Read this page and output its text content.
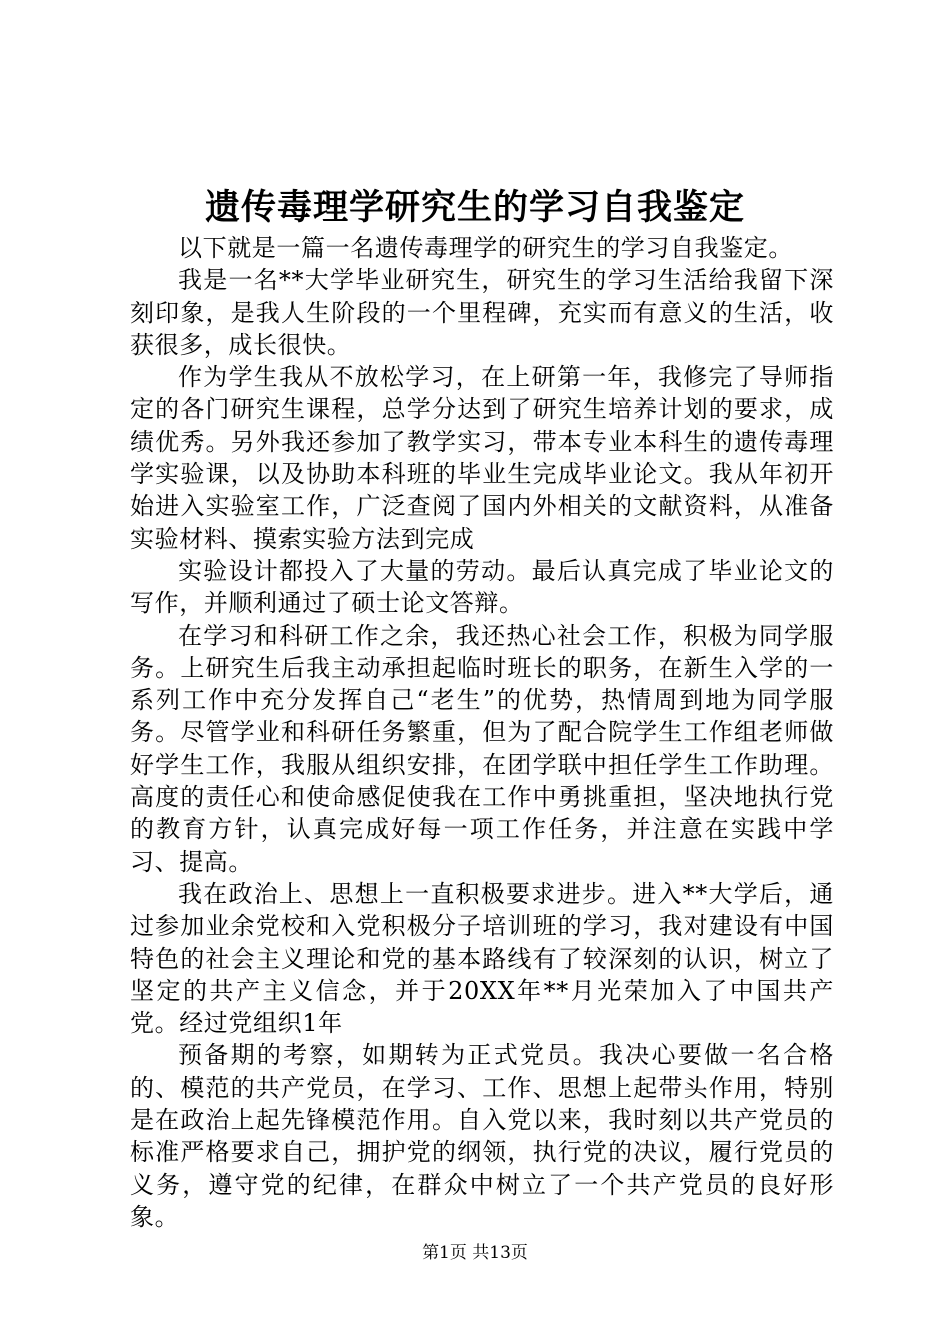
遗传毒理学研究生的学习自我鉴定

以下就是一篇一名遗传毒理学的研究生的学习自我鉴定。

我是一名**大学毕业研究生，研究生的学习生活给我留下深刻印象，是我人生阶段的一个里程碑，充实而有意义的生活，收获很多，成长很快。

作为学生我从不放松学习，在上研第一年，我修完了导师指定的各门研究生课程，总学分达到了研究生培养计划的要求，成绩优秀。另外我还参加了教学实习，带本专业本科生的遗传毒理学实验课，以及协助本科班的毕业生完成毕业论文。我从年初开始进入实验室工作，广泛查阅了国内外相关的文献资料，从准备实验材料、摸索实验方法到完成

实验设计都投入了大量的劳动。最后认真完成了毕业论文的写作，并顺利通过了硕士论文答辩。

在学习和科研工作之余，我还热心社会工作，积极为同学服务。上研究生后我主动承担起临时班长的职务，在新生入学的一系列工作中充分发挥自己“老生”的优势，热情周到地为同学服务。尽管学业和科研任务繁重，但为了配合院学生工作组老师做好学生工作，我服从组织安排，在团学联中担任学生工作助理。高度的责任心和使命感促使我在工作中勇挑重担，坚决地执行党的教育方针，认真完成好每一项工作任务，并注意在实践中学习、提高。

我在政治上、思想上一直积极要求进步。进入**大学后，通过参加业余党校和入党积极分子培训班的学习，我对建设有中国特色的社会主义理论和党的基本路线有了较深刻的认识，树立了坚定的共产主义信念，并于20XX年**月光荣加入了中国共产党。经过党组织1年

预备期的考察，如期转为正式党员。我决心要做一名合格的、模范的共产党员，在学习、工作、思想上起带头作用，特别是在政治上起先锋模范作用。自入党以来，我时刻以共产党员的标准严格要求自己，拥护党的纲领，执行党的决议，履行党员的义务，遵守党的纪律，在群众中树立了一个共产党员的良好形象。

第1页 共13页
